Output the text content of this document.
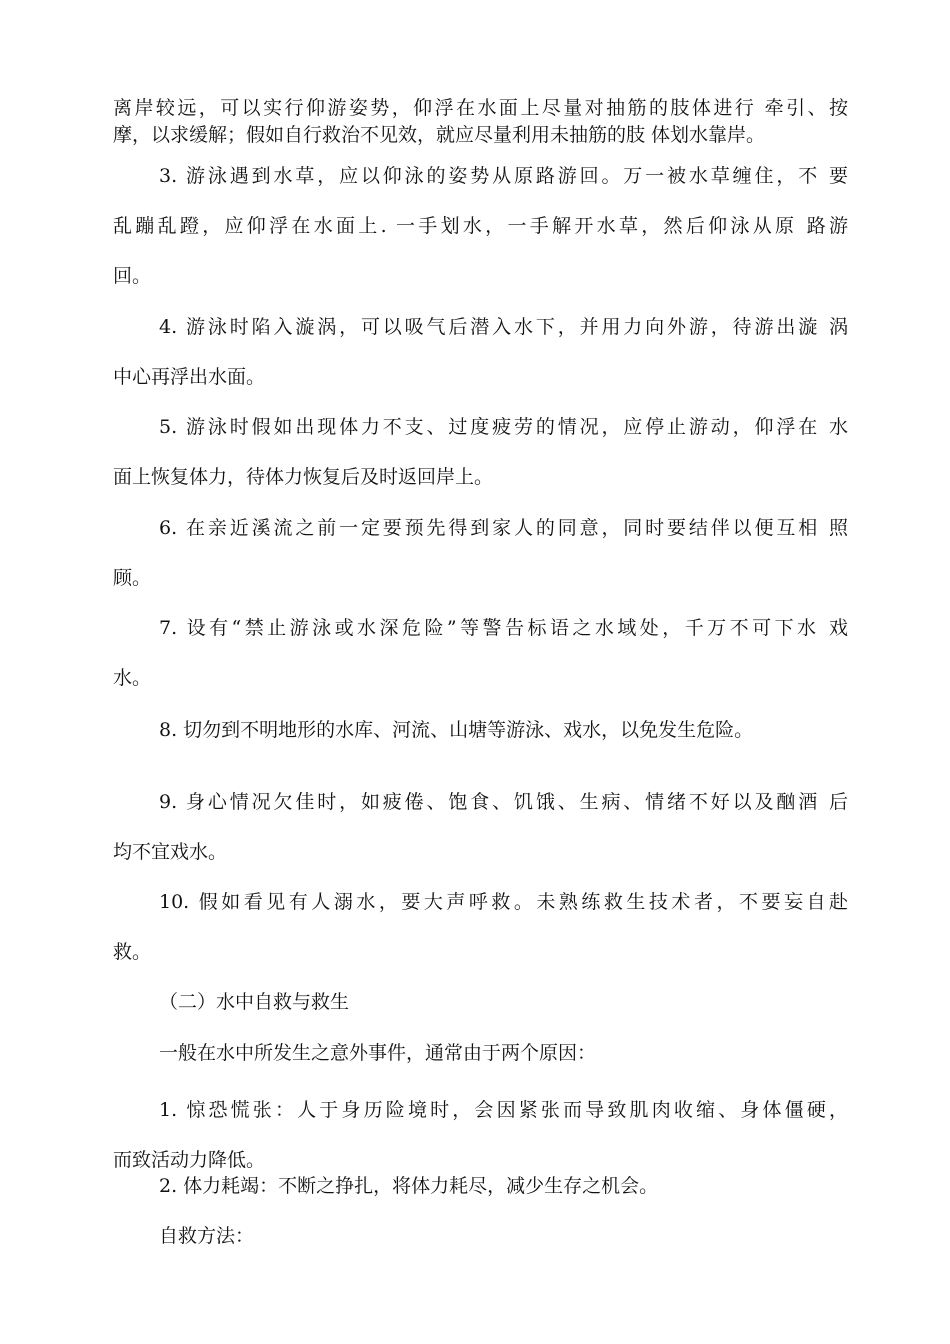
离岸较远，可以实行仰游姿势，仰浮在水面上尽量对抽筋的肢体进行 牵引、按
摩，以求缓解；假如自行救治不见效，就应尽量利用未抽筋的肢 体划水靠岸。
3. 游泳遇到水草，应以仰泳的姿势从原路游回。万一被水草缠住，不 要
乱蹦乱蹬，应仰浮在水面上. 一手划水，一手解开水草，然后仰泳从原 路游
回。
4. 游泳时陷入漩涡，可以吸气后潜入水下，并用力向外游，待游出漩 涡
中心再浮出水面。
5. 游泳时假如出现体力不支、过度疲劳的情况，应停止游动，仰浮在 水
面上恢复体力，待体力恢复后及时返回岸上。
6. 在亲近溪流之前一定要预先得到家人的同意，同时要结伴以便互相 照
顾。
7. 设有“禁止游泳或水深危险”等警告标语之水域处，千万不可下水 戏
水。
8. 切勿到不明地形的水库、河流、山塘等游泳、戏水，以免发生危险。
9. 身心情况欠佳时，如疲倦、饱食、饥饿、生病、情绪不好以及酗酒 后
均不宜戏水。
10. 假如看见有人溺水，要大声呼救。未熟练救生技术者，不要妄自赴
救。
（二）水中自救与救生
一般在水中所发生之意外事件，通常由于两个原因：
1. 惊恐慌张：人于身历险境时，会因紧张而导致肌肉收缩、身体僵硬，
而致活动力降低。
2. 体力耗竭：不断之挣扎，将体力耗尽，减少生存之机会。
自救方法：
